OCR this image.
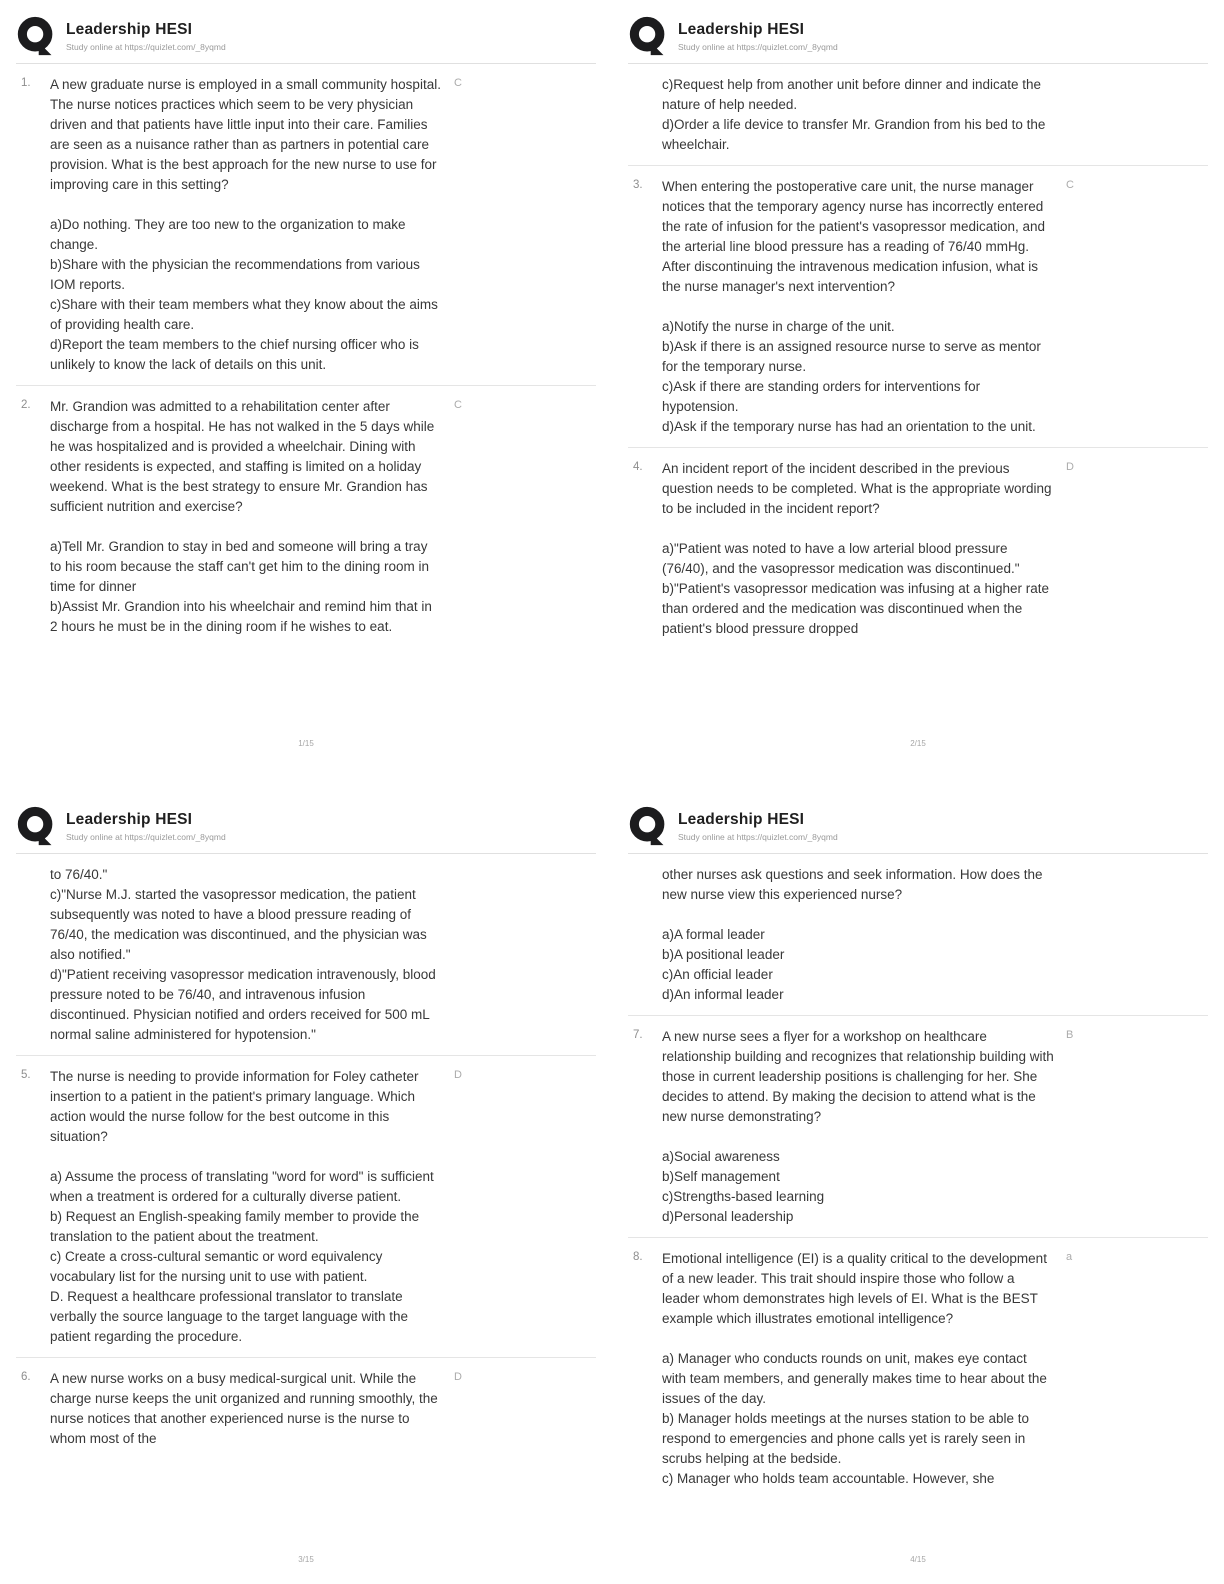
Leadership HESI
Study online at https://quizlet.com/_8yqmd
1.	A new graduate nurse is employed in a small community hospital. The nurse notices practices which seem to be very physician driven and that patients have little input into their care. Families are seen as a nuisance rather than as partners in potential care provision. What is the best approach for the new nurse to use for improving care in this setting?
a)Do nothing. They are too new to the organization to make change.
b)Share with the physician the recommendations from various IOM reports.
c)Share with their team members what they know about the aims of providing health care.
d)Report the team members to the chief nursing officer who is unlikely to know the lack of details on this unit.
C
2.	Mr. Grandion was admitted to a rehabilitation center after discharge from a hospital. He has not walked in the 5 days while he was hospitalized and is provided a wheelchair. Dining with other residents is expected, and staffing is limited on a holiday weekend. What is the best strategy to ensure Mr. Grandion has sufficient nutrition and exercise?
a)Tell Mr. Grandion to stay in bed and someone will bring a tray to his room because the staff can't get him to the dining room in time for dinner
b)Assist Mr. Grandion into his wheelchair and remind him that in 2 hours he must be in the dining room if he wishes to eat.
C
1/15
Leadership HESI
Study online at https://quizlet.com/_8yqmd
c)Request help from another unit before dinner and indicate the nature of help needed.
d)Order a life device to transfer Mr. Grandion from his bed to the wheelchair.
3.	When entering the postoperative care unit, the nurse manager notices that the temporary agency nurse has incorrectly entered the rate of infusion for the patient's vasopressor medication, and the arterial line blood pressure has a reading of 76/40 mmHg. After discontinuing the intravenous medication infusion, what is the nurse manager's next intervention?
a)Notify the nurse in charge of the unit.
b)Ask if there is an assigned resource nurse to serve as mentor for the temporary nurse.
c)Ask if there are standing orders for interventions for hypotension.
d)Ask if the temporary nurse has had an orientation to the unit.
C
4.	An incident report of the incident described in the previous question needs to be completed. What is the appropriate wording to be included in the incident report?
a)"Patient was noted to have a low arterial blood pressure (76/40), and the vasopressor medication was discontinued."
b)"Patient's vasopressor medication was infusing at a higher rate than ordered and the medication was discontinued when the patient's blood pressure dropped
D
2/15
Leadership HESI
Study online at https://quizlet.com/_8yqmd
to 76/40."
c)"Nurse M.J. started the vasopressor medication, the patient subsequently was noted to have a blood pressure reading of 76/40, the medication was discontinued, and the physician was also notified."
d)"Patient receiving vasopressor medication intravenously, blood pressure noted to be 76/40, and intravenous infusion discontinued. Physician notified and orders received for 500 mL normal saline administered for hypotension."
5.	The nurse is needing to provide information for Foley catheter insertion to a patient in the patient's primary language. Which action would the nurse follow for the best outcome in this situation?
a) Assume the process of translating "word for word" is sufficient when a treatment is ordered for a culturally diverse patient.
b) Request an English-speaking family member to provide the translation to the patient about the treatment.
c) Create a cross-cultural semantic or word equivalency vocabulary list for the nursing unit to use with patient.
D. Request a healthcare professional translator to translate verbally the source language to the target language with the patient regarding the procedure.
D
6.	A new nurse works on a busy medical-surgical unit. While the charge nurse keeps the unit organized and running smoothly, the nurse notices that another experienced nurse is the nurse to whom most of the
D
3/15
Leadership HESI
Study online at https://quizlet.com/_8yqmd
other nurses ask questions and seek information. How does the new nurse view this experienced nurse?
a)A formal leader
b)A positional leader
c)An official leader
d)An informal leader
7.	A new nurse sees a flyer for a workshop on healthcare relationship building and recognizes that relationship building with those in current leadership positions is challenging for her. She decides to attend. By making the decision to attend what is the new nurse demonstrating?
a)Social awareness
b)Self management
c)Strengths-based learning
d)Personal leadership
B
8.	Emotional intelligence (EI) is a quality critical to the development of a new leader. This trait should inspire those who follow a leader whom demonstrates high levels of EI. What is the BEST example which illustrates emotional intelligence?
a) Manager who conducts rounds on unit, makes eye contact with team members, and generally makes time to hear about the issues of the day.
b) Manager holds meetings at the nurses station to be able to respond to emergencies and phone calls yet is rarely seen in scrubs helping at the bedside.
c) Manager who holds team accountable. However, she
a
4/15
